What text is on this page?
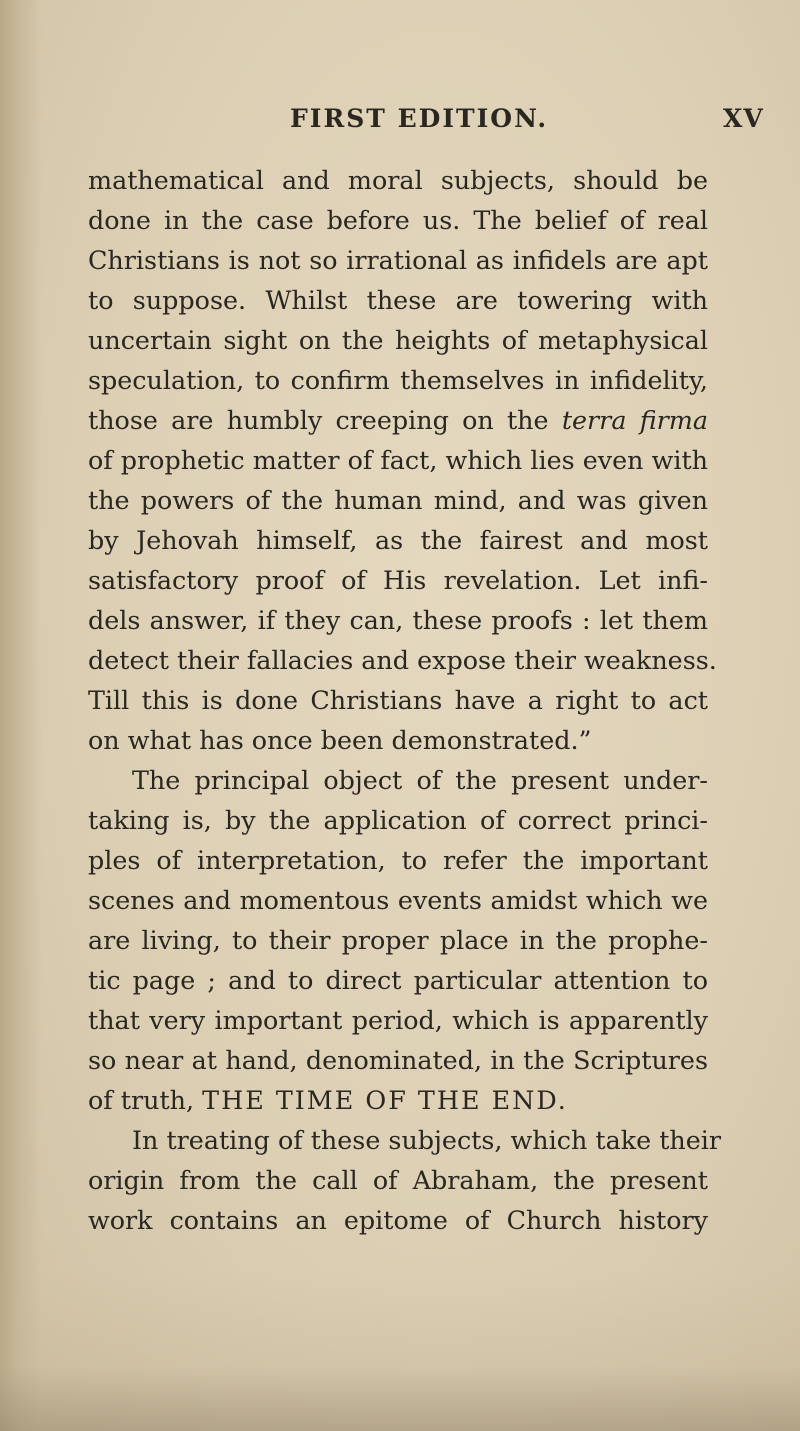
FIRST EDITION.	XV
mathematical and moral subjects, should be
done in the case before us. The belief of real
Christians is not so irrational as infidels are apt
to suppose. Whilst these are towering with
uncertain sight on the heights of metaphysical
speculation, to confirm themselves in infidelity,
those are humbly creeping on the terra firma
of prophetic matter of fact, which lies even with
the powers of the human mind, and was given
by Jehovah himself, as the fairest and most
satisfactory proof of His revelation. Let infi-
dels answer, if they can, these proofs : let them
detect their fallacies and expose their weakness.
Till this is done Christians have a right to act
on what has once been demonstrated.”
The principal object of the present under-
taking is, by the application of correct princi-
ples of interpretation, to refer the important
scenes and momentous events amidst which we
are living, to their proper place in the prophe-
tic page ; and to direct particular attention to
that very important period, which is apparently
so near at hand, denominated, in the Scriptures
of truth, THE TIME OF THE END.
In treating of these subjects, which take their
origin from the call of Abraham, the present
work contains an epitome of Church history
